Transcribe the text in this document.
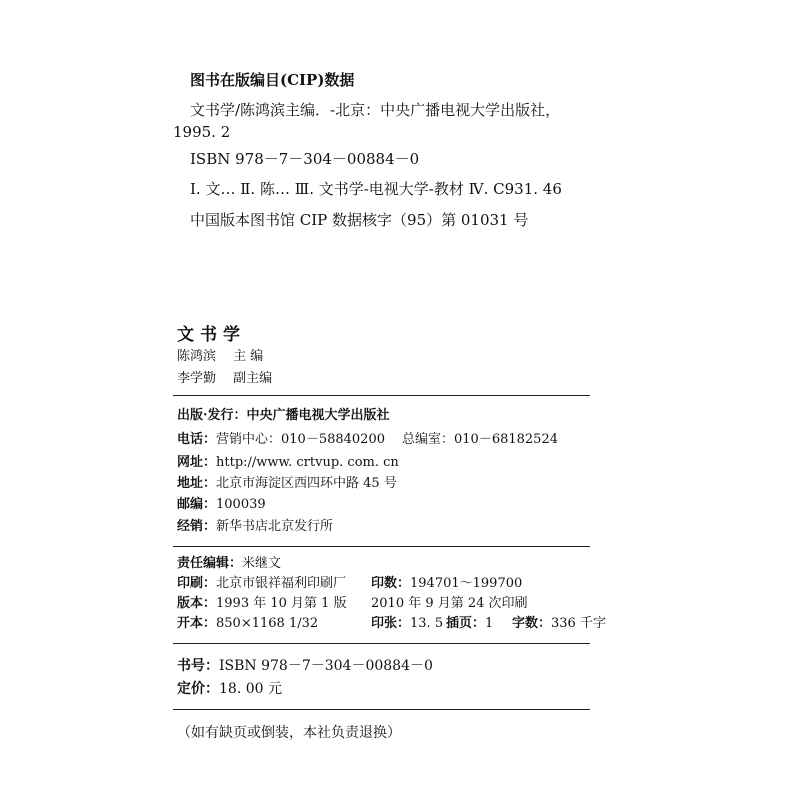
图书在版编目(CIP)数据
文书学/陈鸿滨主编．-北京：中央广播电视大学出版社，
1995. 2
ISBN 978－7－304－00884－0
Ⅰ. 文… Ⅱ. 陈… Ⅲ. 文书学-电视大学-教材 Ⅳ. C931. 46
中国版本图书馆 CIP 数据核字（95）第 01031 号
文书学
陈鸿滨 主 编
李学勤 副主编
出版·发行：中央广播电视大学出版社
电话：营销中心：010－58840200 总编室：010－68182524
网址：http://www. crtvup. com. cn
地址：北京市海淀区西四环中路 45 号
邮编：100039
经销：新华书店北京发行所
责任编辑：米继文
印刷：北京市银祥福利印刷厂 印数：194701～199700
版本：1993 年 10 月第 1 版 2010 年 9 月第 24 次印刷
开本：850×1168 1/32	印张：13. 5 插页：1 字数：336 千字
书号：ISBN 978－7－304－00884－0
定价：18. 00 元
（如有缺页或倒装，本社负责退换）
